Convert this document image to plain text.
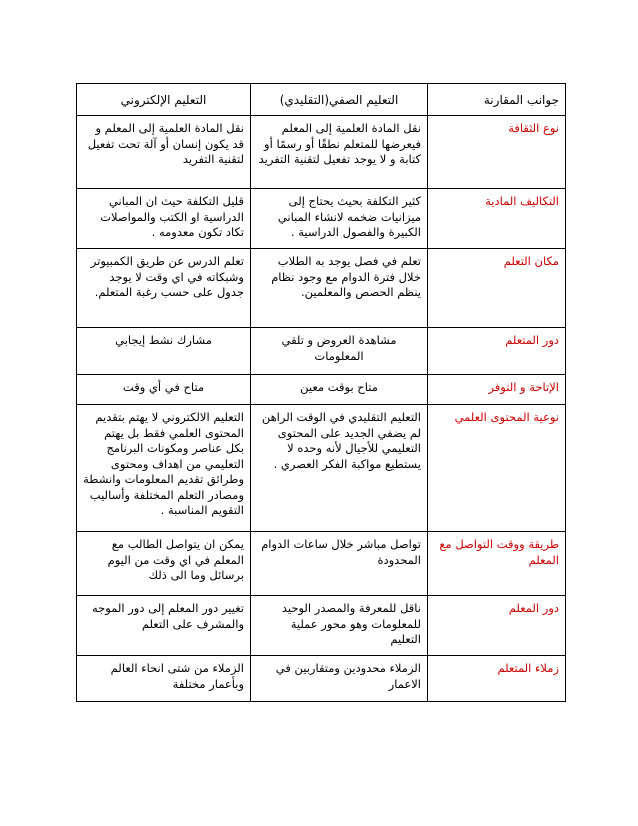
جوانب المقارنة	التعليم الصفي(التقليدي)	التعليم الإلكتروني
نوع الثقافة	نقل المادة العلمية إلى المعلم فيعرضها للمتعلم نطقًا أو رسمًا أو كتابة و لا يوجد تفعيل لتقنية التفريد	نقل المادة العلمية إلى المعلم و قد يكون إنسان أو آلة تحت تفعيل لتقنية التفريد
التكاليف المادية	كثير التكلفة بحيث يحتاج إلى ميزانيات ضخمه لانشاء المباني الكبيرة والفصول الدراسية .	قليل التكلفة حيث ان المباني الدراسية او الكتب والمواصلات تكاد تكون معدومه .
مكان التعلم	تعلم في فصل يوجد به الطلاب خلال فترة الدوام مع وجود نظام ينظم الحصص والمعلمين.	تعلم الدرس عن طريق الكمبيوتر وشبكاته في اي وقت لا يوجد جدول على حسب رغبة المتعلم.
دور المتعلم	مشاهدة العروض و تلقي المعلومات	مشارك نشط إيجابي
الإتاحة و التوفر	متاح بوقت معين	متاح في أي وقت
نوعية المحتوى العلمي	التعليم التقليدي في الوقت الراهن لم يضفي الجديد على المحتوى التعليمي للأجيال لأنه وحده لا يستطيع مواكبة الفكر العصري .	التعليم الالكتروني لا يهتم بتقديم المحتوى العلمي فقط بل يهتم بكل عناصر ومكونات البرنامج التعليمي من اهداف ومحتوى وطرائق تقديم المعلومات وانشطة ومصادر التعلم المختلفة وأساليب التقويم المناسبة .
طريقة ووقت التواصل مع المعلم	تواصل مباشر خلال ساعات الدوام المحدودة	يمكن ان يتواصل الطالب مع المعلم في اي وقت من اليوم برسائل وما الى ذلك
دور المعلم	ناقل للمعرفة والمصدر الوحيد للمعلومات وهو محور عملية التعليم	تغيير دور المعلم إلى دور الموجه والمشرف على التعلم
زملاء المتعلم	الزملاء محدودين ومتقاربين في الاعمار	الزملاء من شتى انحاء العالم وبأعمار مختلفة
